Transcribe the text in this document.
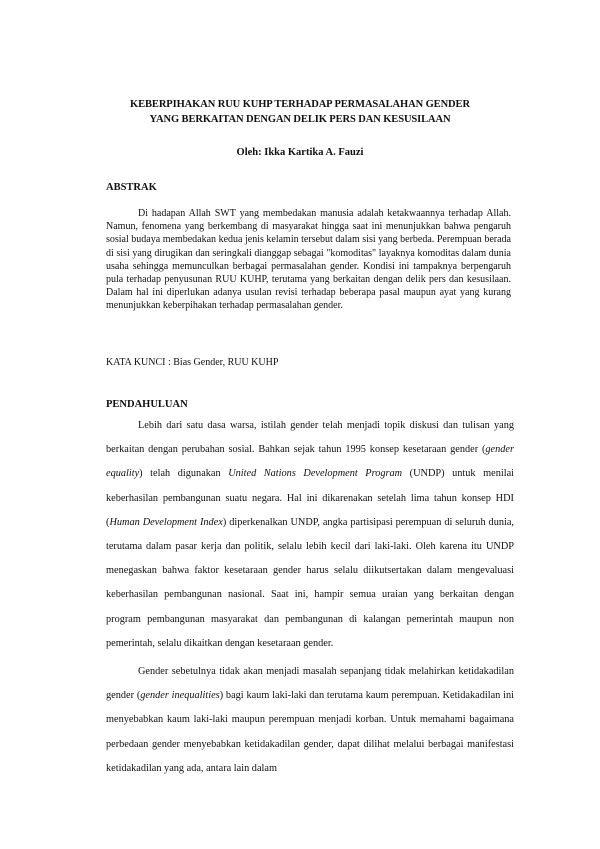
KEBERPIHAKAN RUU KUHP TERHADAP PERMASALAHAN GENDER
YANG BERKAITAN DENGAN DELIK PERS DAN KESUSILAAN
Oleh: Ikka Kartika A. Fauzi
ABSTRAK

Di hadapan Allah SWT yang membedakan manusia adalah ketakwaannya terhadap Allah. Namun, fenomena yang berkembang di masyarakat hingga saat ini menunjukkan bahwa pengaruh sosial budaya membedakan kedua jenis kelamin tersebut dalam sisi yang berbeda. Perempuan berada di sisi yang dirugikan dan seringkali dianggap sebagai "komoditas" layaknya komoditas dalam dunia usaha sehingga memunculkan berbagai permasalahan gender. Kondisi ini tampaknya berpengaruh pula terhadap penyusunan RUU KUHP, terutama yang berkaitan dengan delik pers dan kesusilaan. Dalam hal ini diperlukan adanya usulan revisi terhadap beberapa pasal maupun ayat yang kurang menunjukkan keberpihakan terhadap permasalahan gender.

KATA KUNCI : Bias Gender, RUU KUHP
PENDAHULUAN

Lebih dari satu dasa warsa, istilah gender telah menjadi topik diskusi dan tulisan yang berkaitan dengan perubahan sosial. Bahkan sejak tahun 1995 konsep kesetaraan gender (gender equality) telah digunakan United Nations Development Program (UNDP) untuk menilai keberhasilan pembangunan suatu negara. Hal ini dikarenakan setelah lima tahun konsep HDI (Human Development Index) diperkenalkan UNDP, angka partisipasi perempuan di seluruh dunia, terutama dalam pasar kerja dan politik, selalu lebih kecil dari laki-laki. Oleh karena itu UNDP menegaskan bahwa faktor kesetaraan gender harus selalu diikutsertakan dalam mengevaluasi keberhasilan pembangunan nasional. Saat ini, hampir semua uraian yang berkaitan dengan program pembangunan masyarakat dan pembangunan di kalangan pemerintah maupun non pemerintah, selalu dikaitkan dengan kesetaraan gender.

Gender sebetulnya tidak akan menjadi masalah sepanjang tidak melahirkan ketidakadilan gender (gender inequalities) bagi kaum laki-laki dan terutama kaum perempuan. Ketidakadilan ini menyebabkan kaum laki-laki maupun perempuan menjadi korban. Untuk memahami bagaimana perbedaan gender menyebabkan ketidakadilan gender, dapat dilihat melalui berbagai manifestasi ketidakadilan yang ada, antara lain dalam
